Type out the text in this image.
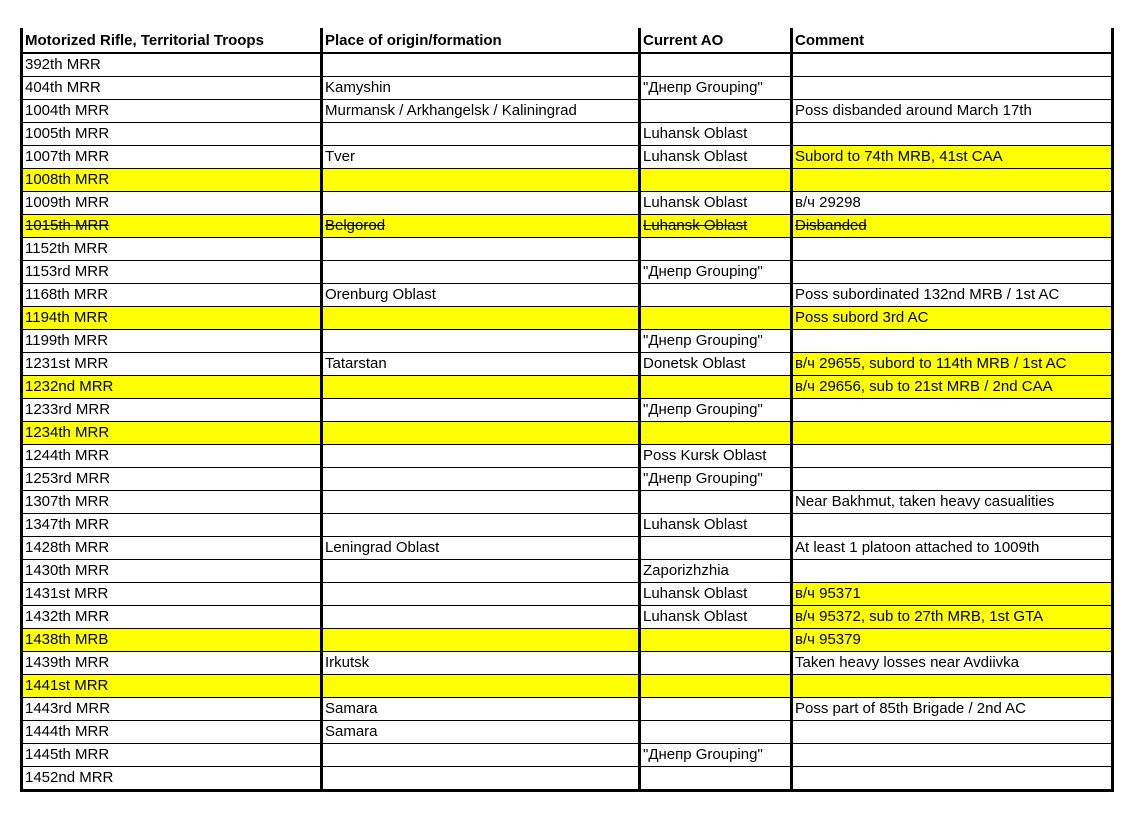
Motorized Rifle, Territorial Troops	Place of origin/formation	Current AO	Comment
392th MRR			
404th MRR	Kamyshin	"Днепр Grouping"	
1004th MRR	Murmansk / Arkhangelsk / Kaliningrad		Poss disbanded around March 17th
1005th MRR		Luhansk Oblast	
1007th MRR	Tver	Luhansk Oblast	Subord to 74th MRB, 41st CAA
1008th MRR			
1009th MRR		Luhansk Oblast	в/ч 29298
1015th MRR	Belgorod	Luhansk Oblast	Disbanded
1152th MRR			
1153rd MRR		"Днепр Grouping"	
1168th MRR	Orenburg Oblast		Poss subordinated 132nd MRB / 1st AC
1194th MRR			Poss subord 3rd AC
1199th MRR		"Днепр Grouping"	
1231st MRR	Tatarstan	Donetsk Oblast	в/ч 29655, subord to 114th MRB / 1st AC
1232nd MRR			в/ч 29656, sub to 21st MRB / 2nd CAA
1233rd MRR		"Днепр Grouping"	
1234th MRR			
1244th MRR		Poss Kursk Oblast	
1253rd MRR		"Днепр Grouping"	
1307th MRR			Near Bakhmut, taken heavy casualities
1347th MRR		Luhansk Oblast	
1428th MRR	Leningrad Oblast		At least 1 platoon attached to 1009th
1430th MRR		Zaporizhzhia	
1431st MRR		Luhansk Oblast	в/ч 95371
1432th MRR		Luhansk Oblast	в/ч 95372, sub to 27th MRB, 1st GTA
1438th MRB			в/ч 95379
1439th MRR	Irkutsk		Taken heavy losses near Avdiivka
1441st MRR			
1443rd MRR	Samara		Poss part of 85th Brigade / 2nd AC
1444th MRR	Samara		
1445th MRR		"Днепр Grouping"	
1452nd MRR			
